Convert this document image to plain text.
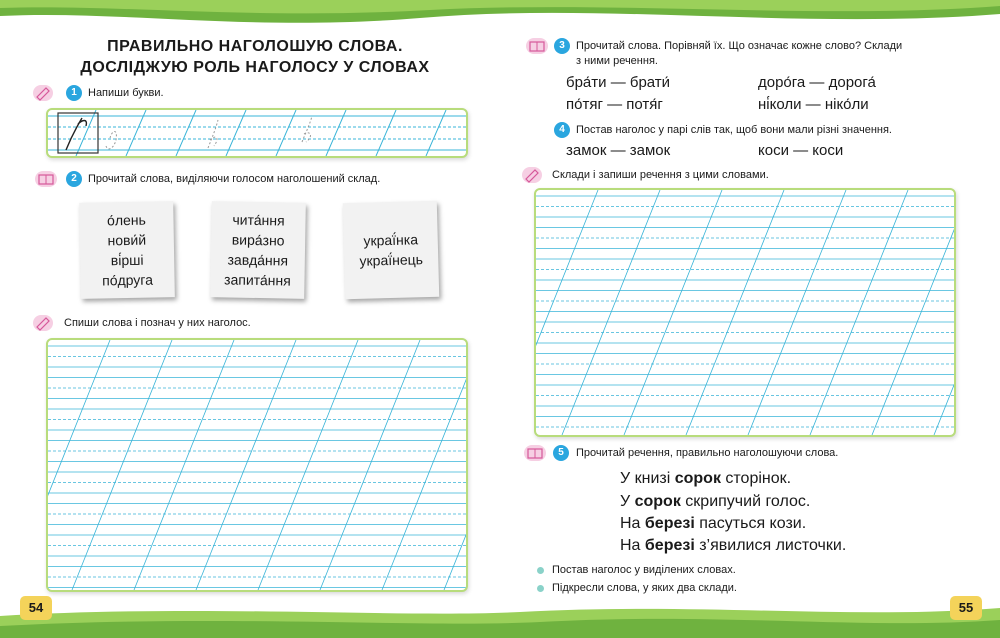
ПРАВИЛЬНО НАГОЛОШУЮ СЛОВА.
ДОСЛІДЖУЮ РОЛЬ НАГОЛОСУ У СЛОВАХ
1	Напиши букви.
2	Прочитай слова, виділяючи голосом наголошений склад.
о́лень
нови́й
ві́рші
по́друга
чита́ння
вира́зно
завда́ння
запита́ння
украї́нка
украї́нець
Спиши слова і познач у них наголос.
54
3	Прочитай слова. Порівняй їх. Що означає кожне слово? Склади
з ними речення.
бра́ти — брати́	доро́га — дорога́
по́тяг — потя́г	ні́коли — ніко́ли
4	Постав наголос у парі слів так, щоб вони мали різні значення.
замок — замок	коси — коси
Склади і запиши речення з цими словами.
5	Прочитай речення, правильно наголошуючи слова.
У книзі сорок сторінок.
У сорок скрипучий голос.
На березі пасуться кози.
На березі з’явилися листочки.
Постав наголос у виділених словах.
Підкресли слова, у яких два склади.
55
